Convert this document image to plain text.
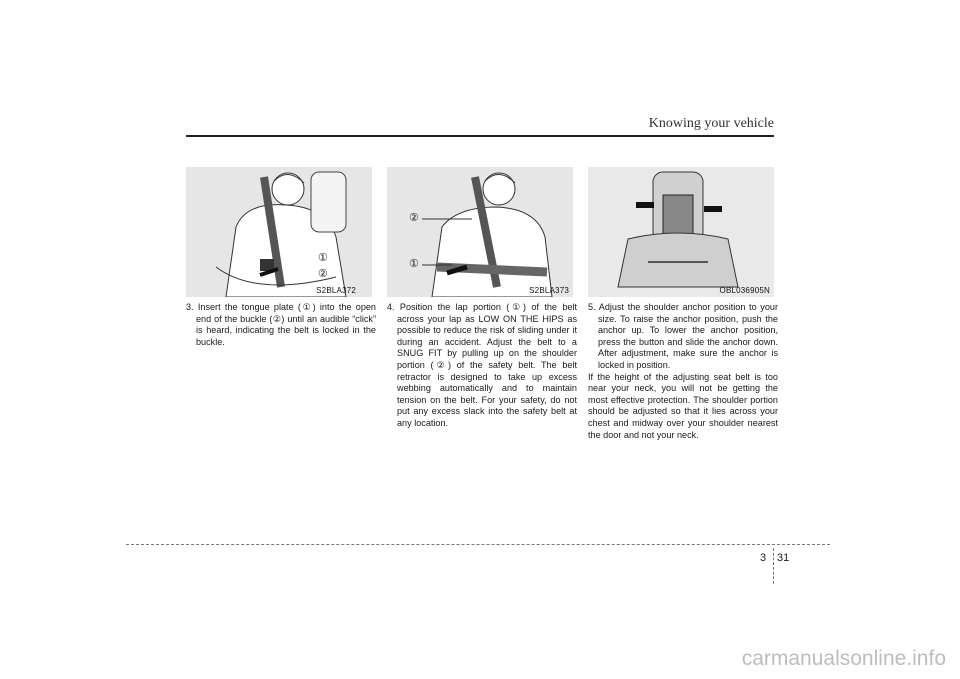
Knowing your vehicle
①
②
S2BLA372
②
①
S2BLA373	OBL036905N

3. Insert the tongue plate (①) into the open end of the buckle (②) until an audible “click” is heard, indicating the belt is locked in the buckle.

4. Position the lap portion (①) of the belt across your lap as LOW ON THE HIPS as possible to reduce the risk of sliding under it during an accident. Adjust the belt to a SNUG FIT by pulling up on the shoulder portion (②) of the safety belt. The belt retractor is designed to take up excess webbing automatically and to maintain tension on the belt. For your safety, do not put any excess slack into the safety belt at any location.

5. Adjust the shoulder anchor position to your size. To raise the anchor position, push the anchor up. To lower the anchor position, press the button and slide the anchor down. After adjustment, make sure the anchor is locked in position.

If the height of the adjusting seat belt is too near your neck, you will not be getting the most effective protection. The shoulder portion should be adjusted so that it lies across your chest and midway over your shoulder nearest the door and not your neck.

3 31
carmanualsonline.info
